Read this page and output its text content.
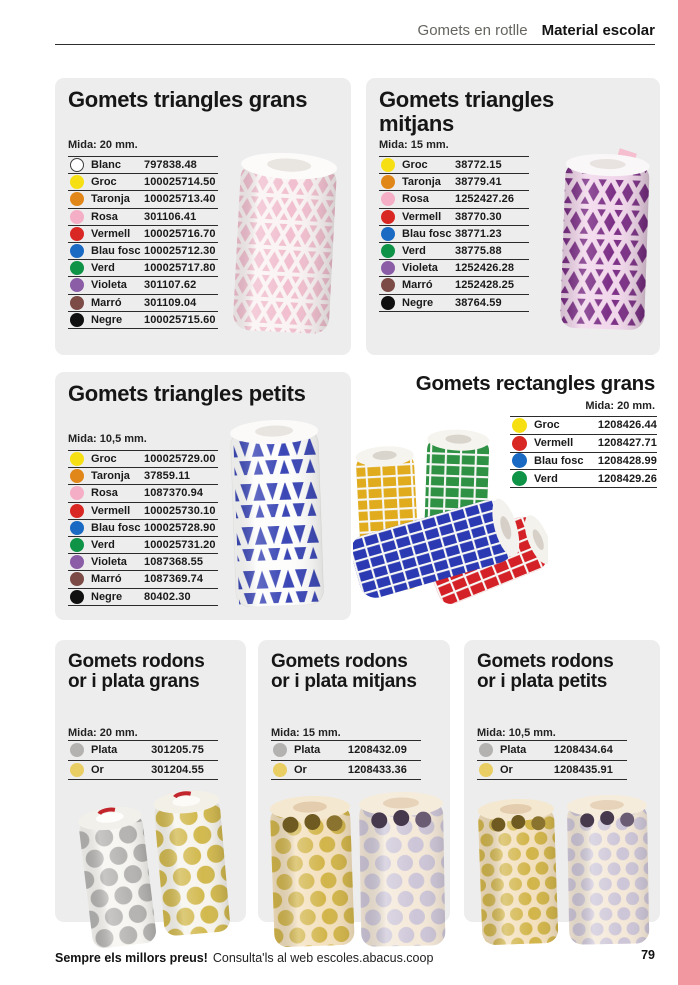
Gomets en rotlle Material escolar
Gomets triangles grans
Mida: 20 mm.
Blanc	797838.48
Groc	100025714.50
Taronja	100025713.40
Rosa	301106.41
Vermell	100025716.70
Blau fosc 100025712.30
Verd	100025717.80
Violeta	301107.62
Marró	301109.04
Negre	100025715.60
Gomets triangles mitjans
Mida: 15 mm.
Groc	38772.15
Taronja	38779.41
Rosa	1252427.26
Vermell	38770.30
Blau fosc 38771.23
Verd	38775.88
Violeta	1252426.28
Marró	1252428.25
Negre	38764.59
Gomets triangles petits
Mida: 10,5 mm.
Groc	100025729.00
Taronja	37859.11
Rosa	1087370.94
Vermell	100025730.10
Blau fosc 100025728.90
Verd	100025731.20
Violeta	1087368.55
Marró	1087369.74
Negre	80402.30
Gomets rectangles grans
Mida: 20 mm.
Groc	1208426.44
Vermell	1208427.71
Blau fosc	1208428.99
Verd	1208429.26
Gomets rodons or i plata grans
Mida: 20 mm.
Plata	301205.75
Or	301204.55
Gomets rodons or i plata mitjans
Mida: 15 mm.
Plata	1208432.09
Or	1208433.36
Gomets rodons or i plata petits
Mida: 10,5 mm.
Plata	1208434.64
Or	1208435.91
Sempre els millors preus! Consulta'ls al web escoles.abacus.coop	79
